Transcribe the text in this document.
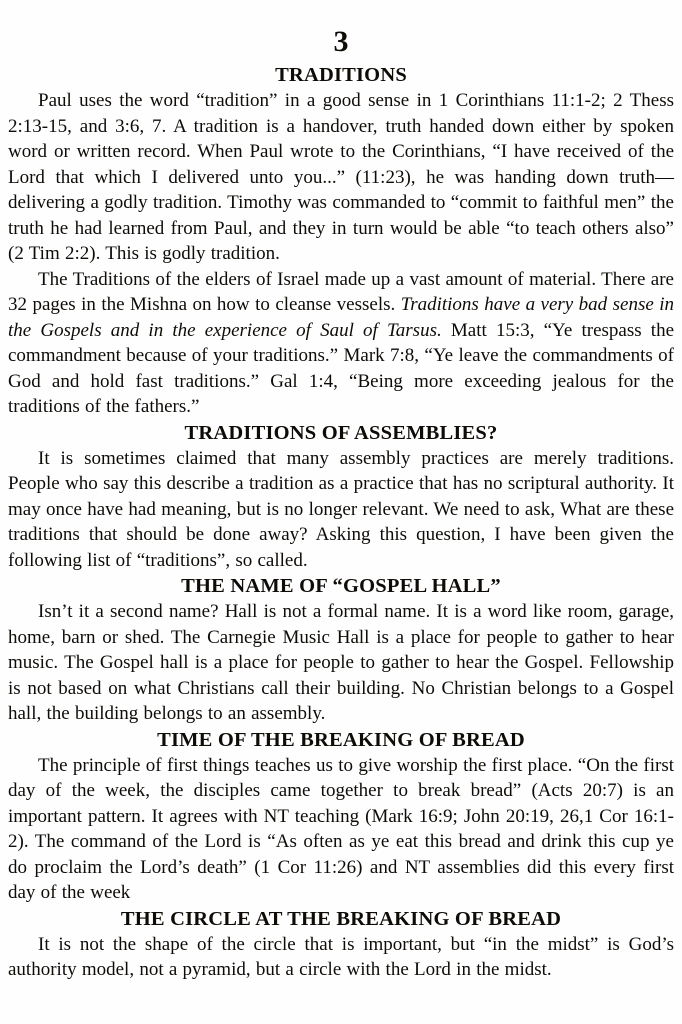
3
TRADITIONS

Paul uses the word “tradition” in a good sense in 1 Corinthians 11:1-2; 2 Thess 2:13-15, and 3:6, 7. A tradition is a handover, truth handed down either by spoken word or written record. When Paul wrote to the Corinthians, “I have received of the Lord that which I delivered unto you...” (11:23), he was handing down truth—delivering a godly tradition. Timothy was commanded to “commit to faithful men” the truth he had learned from Paul, and they in turn would be able “to teach others also” (2 Tim 2:2). This is godly tradition.

The Traditions of the elders of Israel made up a vast amount of material. There are 32 pages in the Mishna on how to cleanse vessels. Traditions have a very bad sense in the Gospels and in the experience of Saul of Tarsus. Matt 15:3, “Ye trespass the commandment because of your traditions.” Mark 7:8, “Ye leave the commandments of God and hold fast traditions.” Gal 1:4, “Being more exceeding jealous for the traditions of the fathers.”

TRADITIONS OF ASSEMBLIES?

It is sometimes claimed that many assembly practices are merely traditions. People who say this describe a tradition as a practice that has no scriptural authority. It may once have had meaning, but is no longer relevant. We need to ask, What are these traditions that should be done away? Asking this question, I have been given the following list of “traditions”, so called.

THE NAME OF “GOSPEL HALL”

Isn’t it a second name? Hall is not a formal name. It is a word like room, garage, home, barn or shed. The Carnegie Music Hall is a place for people to gather to hear music. The Gospel hall is a place for people to gather to hear the Gospel. Fellowship is not based on what Christians call their building. No Christian belongs to a Gospel hall, the building belongs to an assembly.

TIME OF THE BREAKING OF BREAD

The principle of first things teaches us to give worship the first place. “On the first day of the week, the disciples came together to break bread” (Acts 20:7) is an important pattern. It agrees with NT teaching (Mark 16:9; John 20:19, 26,1 Cor 16:1-2). The command of the Lord is “As often as ye eat this bread and drink this cup ye do proclaim the Lord’s death” (1 Cor 11:26) and NT assemblies did this every first day of the week

THE CIRCLE AT THE BREAKING OF BREAD

It is not the shape of the circle that is important, but “in the midst” is God’s authority model, not a pyramid, but a circle with the Lord in the midst.
